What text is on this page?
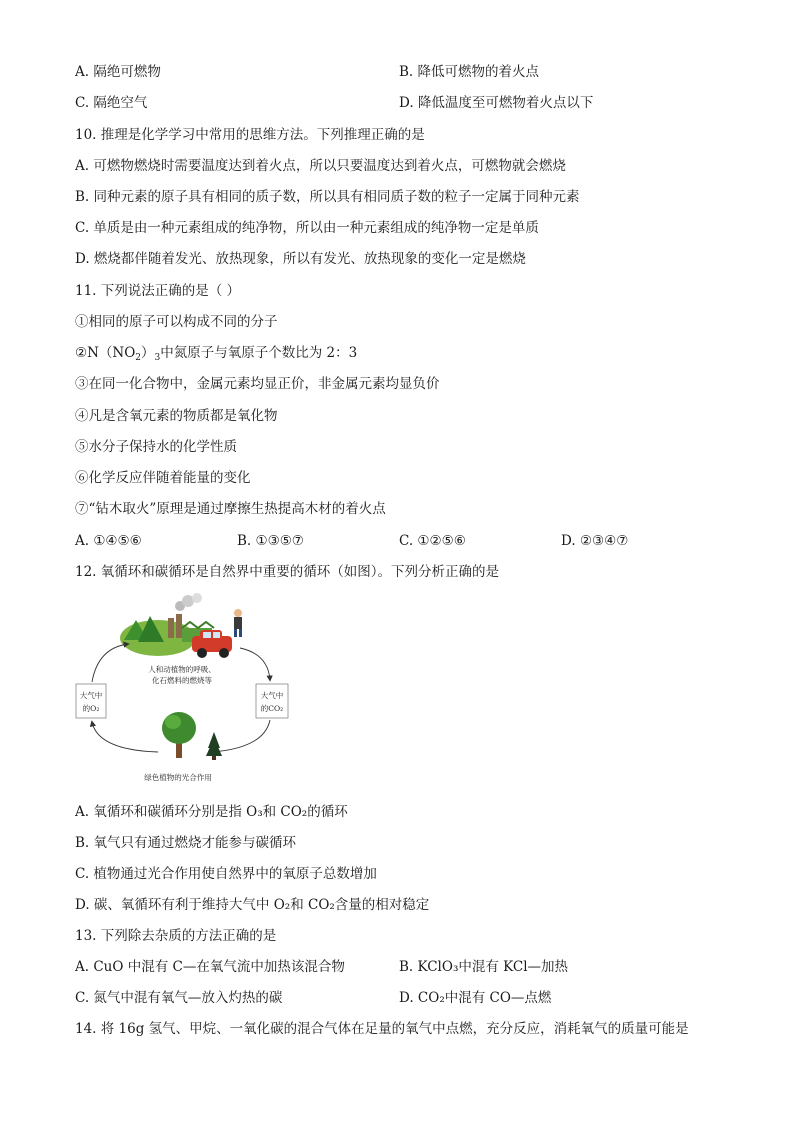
A. 隔绝可燃物	B. 降低可燃物的着火点
C. 隔绝空气	D. 降低温度至可燃物着火点以下
10. 推理是化学学习中常用的思维方法。下列推理正确的是
A. 可燃物燃烧时需要温度达到着火点，所以只要温度达到着火点，可燃物就会燃烧
B. 同种元素的原子具有相同的质子数，所以具有相同质子数的粒子一定属于同种元素
C. 单质是由一种元素组成的纯净物，所以由一种元素组成的纯净物一定是单质
D. 燃烧都伴随着发光、放热现象，所以有发光、放热现象的变化一定是燃烧
11. 下列说法正确的是（ ）
①相同的原子可以构成不同的分子
$②N(NO_2)_3$中氮原子与氧原子个数比为 2：3
③在同一化合物中，金属元素均显正价，非金属元素均显负价
④凡是含氧元素的物质都是氧化物
⑤水分子保持水的化学性质
⑥化学反应伴随着能量的变化
⑦“钻木取火”原理是通过摩擦生热提高木材的着火点
A. ①④⑤⑥	B. ①③⑤⑦	C. ①②⑤⑥	D. ②③④⑦
12. 氧循环和碳循环是自然界中重要的循环（如图）。下列分析正确的是
人和动植物的呼吸、
化石燃料的燃烧等
大气中
的O₂
大气中
的CO₂
绿色植物的光合作用
A. 氧循环和碳循环分别是指 O₃和 CO₂的循环
B. 氧气只有通过燃烧才能参与碳循环
C. 植物通过光合作用使自然界中的氧原子总数增加
D. 碳、氧循环有利于维持大气中 O₂和 CO₂含量的相对稳定
13. 下列除去杂质的方法正确的是
A. CuO 中混有 C—在氧气流中加热该混合物	B. KClO₃中混有 KCl—加热
C. 氮气中混有氧气—放入灼热的碳	D. CO₂中混有 CO—点燃
14. 将 16g 氢气、甲烷、一氧化碳的混合气体在足量的氧气中点燃，充分反应，消耗氧气的质量可能是
